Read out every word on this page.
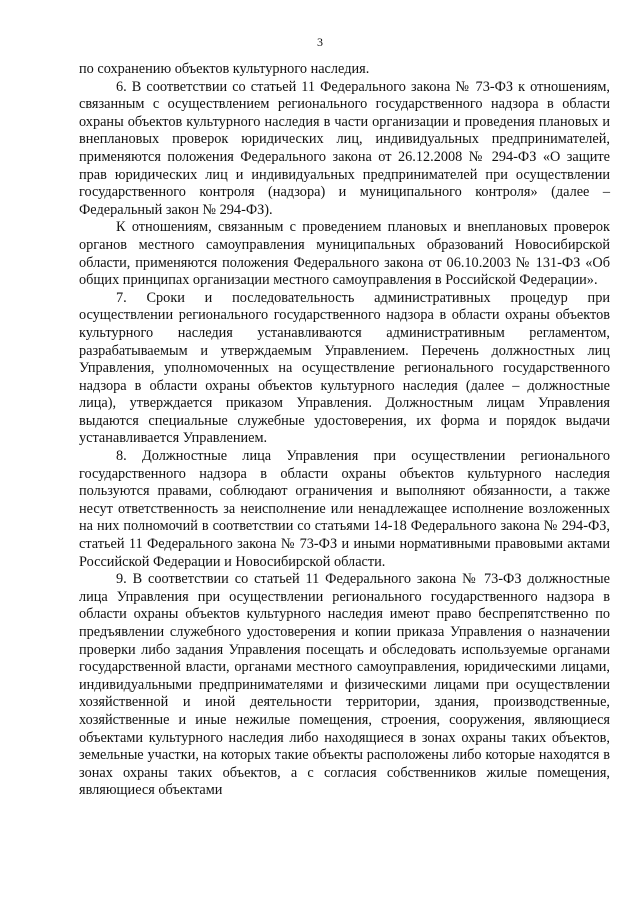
3

по сохранению объектов культурного наследия.

6. В соответствии со статьей 11 Федерального закона № 73-ФЗ к отношениям, связанным с осуществлением регионального государственного надзора в области охраны объектов культурного наследия в части организации и проведения плановых и внеплановых проверок юридических лиц, индивидуальных предпринимателей, применяются положения Федерального закона от 26.12.2008 № 294-ФЗ «О защите прав юридических лиц и индивидуальных предпринимателей при осуществлении государственного контроля (надзора) и муниципального контроля» (далее – Федеральный закон № 294-ФЗ).

К отношениям, связанным с проведением плановых и внеплановых проверок органов местного самоуправления муниципальных образований Новосибирской области, применяются положения Федерального закона от 06.10.2003 № 131-ФЗ «Об общих принципах организации местного самоуправления в Российской Федерации».

7. Сроки и последовательность административных процедур при осуществлении регионального государственного надзора в области охраны объектов культурного наследия устанавливаются административным регламентом, разрабатываемым и утверждаемым Управлением. Перечень должностных лиц Управления, уполномоченных на осуществление регионального государственного надзора в области охраны объектов культурного наследия (далее – должностные лица), утверждается приказом Управления. Должностным лицам Управления выдаются специальные служебные удостоверения, их форма и порядок выдачи устанавливается Управлением.

8. Должностные лица Управления при осуществлении регионального государственного надзора в области охраны объектов культурного наследия пользуются правами, соблюдают ограничения и выполняют обязанности, а также несут ответственность за неисполнение или ненадлежащее исполнение возложенных на них полномочий в соответствии со статьями 14-18 Федерального закона № 294-ФЗ, статьей 11 Федерального закона № 73-ФЗ и иными нормативными правовыми актами Российской Федерации и Новосибирской области.

9. В соответствии со статьей 11 Федерального закона № 73-ФЗ должностные лица Управления при осуществлении регионального государственного надзора в области охраны объектов культурного наследия имеют право беспрепятственно по предъявлении служебного удостоверения и копии приказа Управления о назначении проверки либо задания Управления посещать и обследовать используемые органами государственной власти, органами местного самоуправления, юридическими лицами, индивидуальными предпринимателями и физическими лицами при осуществлении хозяйственной и иной деятельности территории, здания, производственные, хозяйственные и иные нежилые помещения, строения, сооружения, являющиеся объектами культурного наследия либо находящиеся в зонах охраны таких объектов, земельные участки, на которых такие объекты расположены либо которые находятся в зонах охраны таких объектов, а с согласия собственников жилые помещения, являющиеся объектами
